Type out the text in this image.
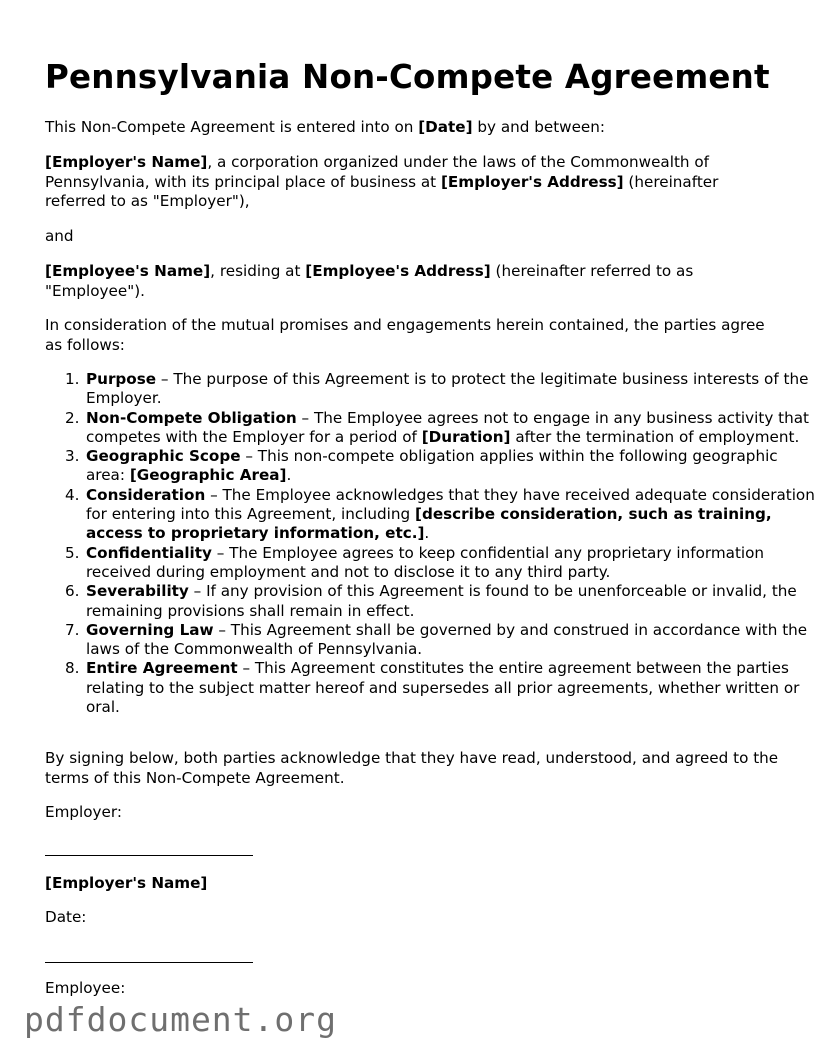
Pennsylvania Non-Compete Agreement

This Non-Compete Agreement is entered into on [Date] by and between:

[Employer's Name], a corporation organized under the laws of the Commonwealth of Pennsylvania, with its principal place of business at [Employer's Address] (hereinafter referred to as "Employer"),

and

[Employee's Name], residing at [Employee's Address] (hereinafter referred to as "Employee").

In consideration of the mutual promises and engagements herein contained, the parties agree as follows:

1. Purpose – The purpose of this Agreement is to protect the legitimate business interests of the Employer.
2. Non-Compete Obligation – The Employee agrees not to engage in any business activity that competes with the Employer for a period of [Duration] after the termination of employment.
3. Geographic Scope – This non-compete obligation applies within the following geographic area: [Geographic Area].
4. Consideration – The Employee acknowledges that they have received adequate consideration for entering into this Agreement, including [describe consideration, such as training, access to proprietary information, etc.].
5. Confidentiality – The Employee agrees to keep confidential any proprietary information received during employment and not to disclose it to any third party.
6. Severability – If any provision of this Agreement is found to be unenforceable or invalid, the remaining provisions shall remain in effect.
7. Governing Law – This Agreement shall be governed by and construed in accordance with the laws of the Commonwealth of Pennsylvania.
8. Entire Agreement – This Agreement constitutes the entire agreement between the parties relating to the subject matter hereof and supersedes all prior agreements, whether written or oral.

By signing below, both parties acknowledge that they have read, understood, and agreed to the terms of this Non-Compete Agreement.

Employer:

[Employer's Name]

Date:

Employee:

pdfdocument.org
